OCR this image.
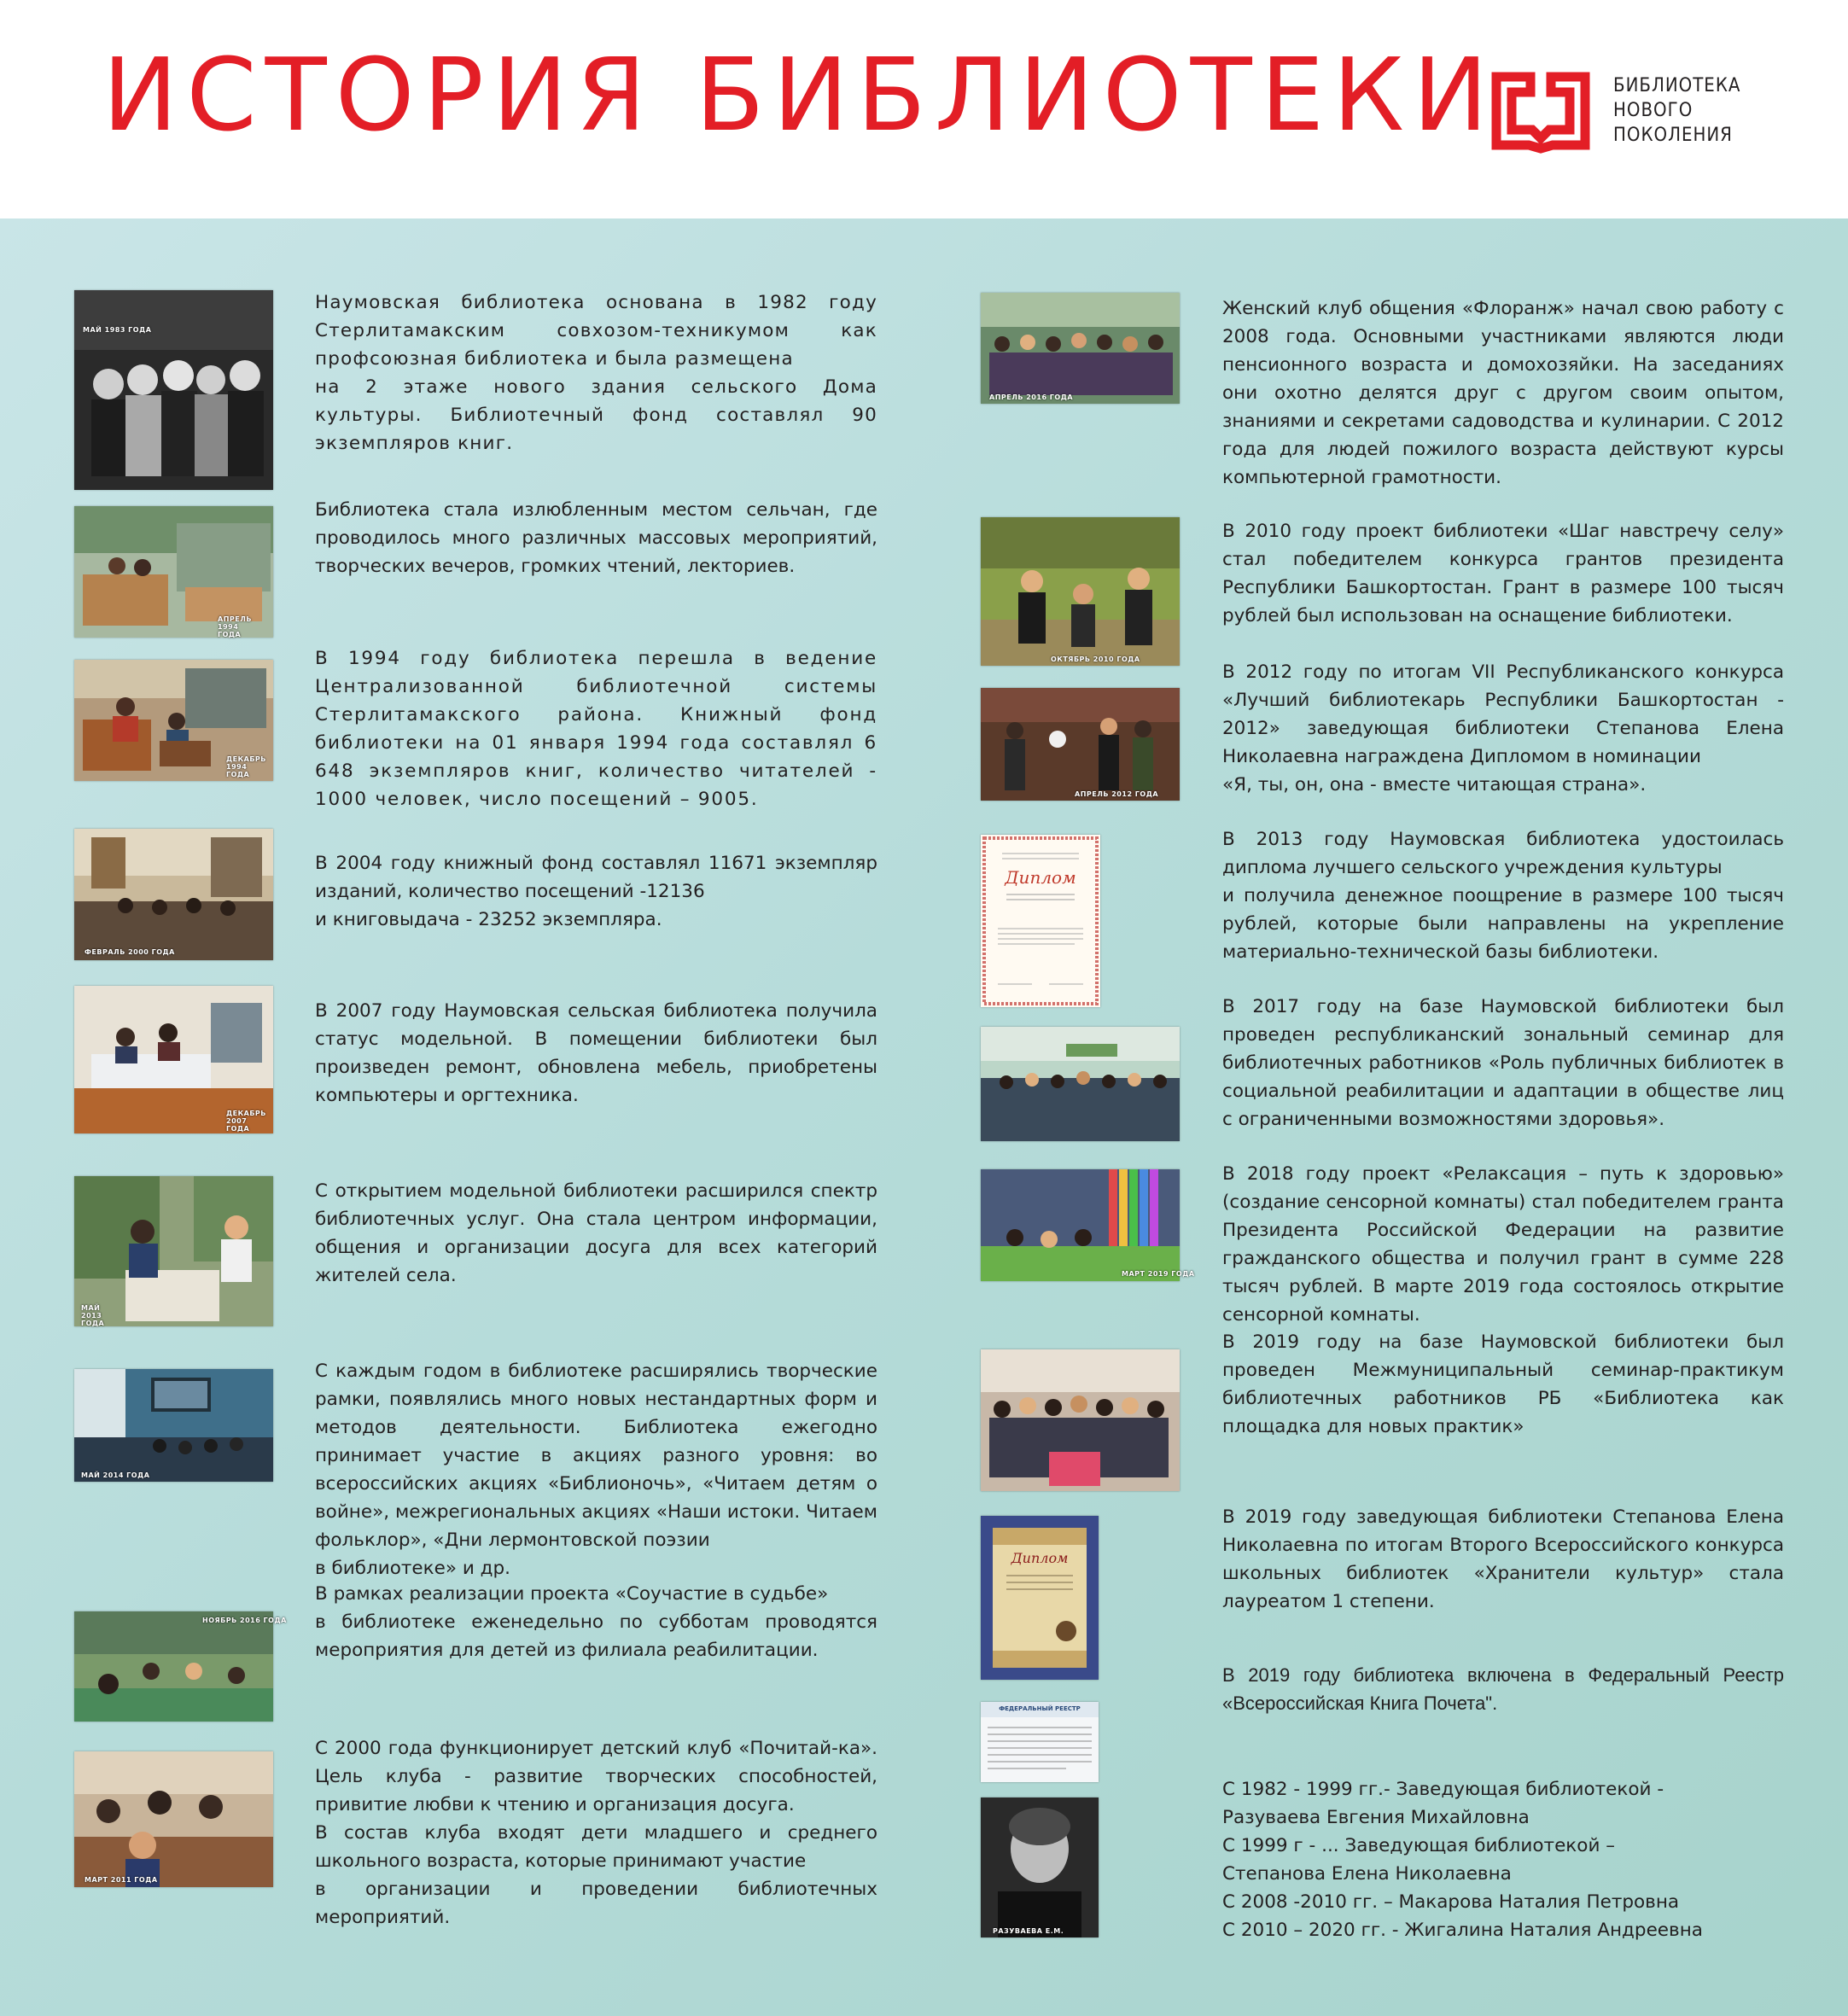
ИСТОРИЯ БИБЛИОТЕКИ	БИБЛИОТЕКА
НОВОГО
ПОКОЛЕНИЯ
МАЙ 1983 ГОДА

Наумовская библиотека основана в 1982 году Стерлитамакским совхозом-техникумом как профсоюзная библиотека и была размещена

на 2 этаже нового здания сельского Дома культуры. Библиотечный фонд составлял 90 экземпляров книг.

АПРЕЛЬ 1994 ГОДА

Библиотека стала излюбленным местом сельчан, где проводилось много различных массовых мероприятий, творческих вечеров, громких чтений, лекториев.

ДЕКАБРЬ 1994 ГОДА

В 1994 году библиотека перешла в ведение Централизованной библиотечной системы Стерлитамакского района. Книжный фонд библиотеки на 01 января 1994 года составлял 6 648 экземпляров книг, количество читателей - 1000 человек, число посещений – 9005.

ФЕВРАЛЬ 2000 ГОДА

В 2004 году книжный фонд составлял 11671 экземпляр изданий, количество посещений -12136

и книговыдача - 23252 экземпляра.

ДЕКАБРЬ 2007 ГОДА

В 2007 году Наумовская сельская библиотека получила статус модельной. В помещении библиотеки был произведен ремонт, обновлена мебель, приобретены компьютеры и оргтехника.

МАЙ 2013 ГОДА

С открытием модельной библиотеки расширился спектр библиотечных услуг. Она стала центром информации, общения и организации досуга для всех категорий жителей села.

МАЙ 2014 ГОДА

С каждым годом в библиотеке расширялись творческие рамки, появлялись много новых нестандартных форм и методов деятельности. Библиотека ежегодно принимает участие в акциях разного уровня: во всероссийских акциях «Библионочь», «Читаем детям о войне», межрегиональных акциях «Наши истоки. Читаем фольклор», «Дни лермонтовской поэзии

в библиотеке» и др.

НОЯБРЬ 2016 ГОДА

В рамках реализации проекта «Соучастие в судьбе»

в библиотеке еженедельно по субботам проводятся мероприятия для детей из филиала реабилитации.

МАРТ 2011 ГОДА

С 2000 года функционирует детский клуб «Почитай-ка». Цель клуба - развитие творческих способностей, привитие любви к чтению и организация досуга.

В состав клуба входят дети младшего и среднего школьного возраста, которые принимают участие

в организации и проведении библиотечных мероприятий.

АПРЕЛЬ 2016 ГОДА

Женский клуб общения «Флоранж» начал свою работу с 2008 года. Основными участниками являются люди пенсионного возраста и домохозяйки. На заседаниях они охотно делятся друг с другом своим опытом, знаниями и секретами садоводства и кулинарии. С 2012 года для людей пожилого возраста действуют курсы компьютерной грамотности.

ОКТЯБРЬ 2010 ГОДА

В 2010 году проект библиотеки «Шаг навстречу селу» стал победителем конкурса грантов президента Республики Башкортостан. Грант в размере 100 тысяч рублей был использован на оснащение библиотеки.

АПРЕЛЬ 2012 ГОДА

В 2012 году по итогам VII Республиканского конкурса «Лучший библиотекарь Республики Башкортостан - 2012» заведующая библиотеки Степанова Елена Николаевна награждена Дипломом в номинации

«Я, ты, он, она - вместе читающая страна».

Диплом

В 2013 году Наумовская библиотека удостоилась диплома лучшего сельского учреждения культуры

и получила денежное поощрение в размере 100 тысяч рублей, которые были направлены на укрепление материально-технической базы библиотеки.

В 2017 году на базе Наумовской библиотеки был проведен республиканский зональный семинар для библиотечных работников «Роль публичных библиотек в социальной реабилитации и адаптации в обществе лиц с ограниченными возможностями здоровья».

МАРТ 2019 ГОДА

В 2018 году проект «Релаксация – путь к здоровью» (создание сенсорной комнаты) стал победителем гранта Президента Российской Федерации на развитие гражданского общества и получил грант в сумме 228 тысяч рублей. В марте 2019 года состоялось открытие сенсорной комнаты.

В 2019 году на базе Наумовской библиотеки был проведен Межмуниципальный семинар-практикум библиотечных работников РБ «Библиотека как площадка для новых практик»

Диплом

В 2019 году заведующая библиотеки Степанова Елена Николаевна по итогам Второго Всероссийского конкурса школьных библиотек «Хранители культур» стала лауреатом 1 степени.

ФЕДЕРАЛЬНЫЙ РЕЕСТР

В 2019 году библиотека включена в Федеральный Реестр «Всероссийская Книга Почета".

РАЗУВАЕВА Е.М.

С 1982 - 1999 гг.- Заведующая библиотекой -

Разуваева Евгения Михайловна

С 1999 г - ... Заведующая библиотекой –

Степанова Елена Николаевна

С 2008 -2010 гг. – Макарова Наталия Петровна

С 2010 – 2020 гг. - Жигалина Наталия Андреевна
